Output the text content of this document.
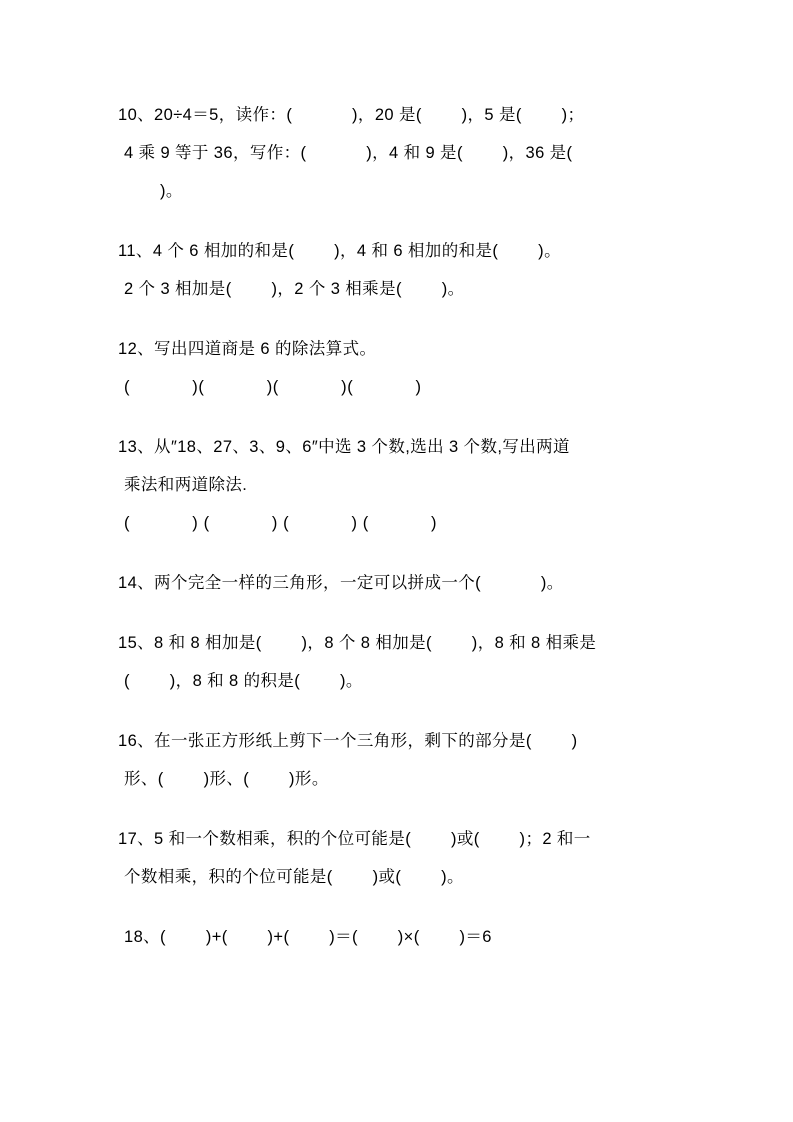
10、20÷4＝5，读作：(            )，20 是(        )，5 是(        )；
4 乘 9 等于 36，写作：(            )，4 和 9 是(        )，36 是(
)。
11、4 个 6 相加的和是(        )，4 和 6 相加的和是(        )。
2 个 3 相加是(        )，2 个 3 相乘是(        )。
12、写出四道商是 6 的除法算式。
(            )(            )(            )(            )
13、从″18、27、3、9、6″中选 3 个数,选出 3 个数,写出两道
乘法和两道除法.
(            ) (            ) (            ) (            )
14、两个完全一样的三角形，一定可以拼成一个(            )。
15、8 和 8 相加是(        )，8 个 8 相加是(        )，8 和 8 相乘是
(        )，8 和 8 的积是(        )。
16、在一张正方形纸上剪下一个三角形，剩下的部分是(        )
形、(        )形、(        )形。
17、5 和一个数相乘，积的个位可能是(        )或(        )；2 和一
个数相乘，积的个位可能是(        )或(        )。
18、(        )+(        )+(        )＝(        )×(        )＝6
